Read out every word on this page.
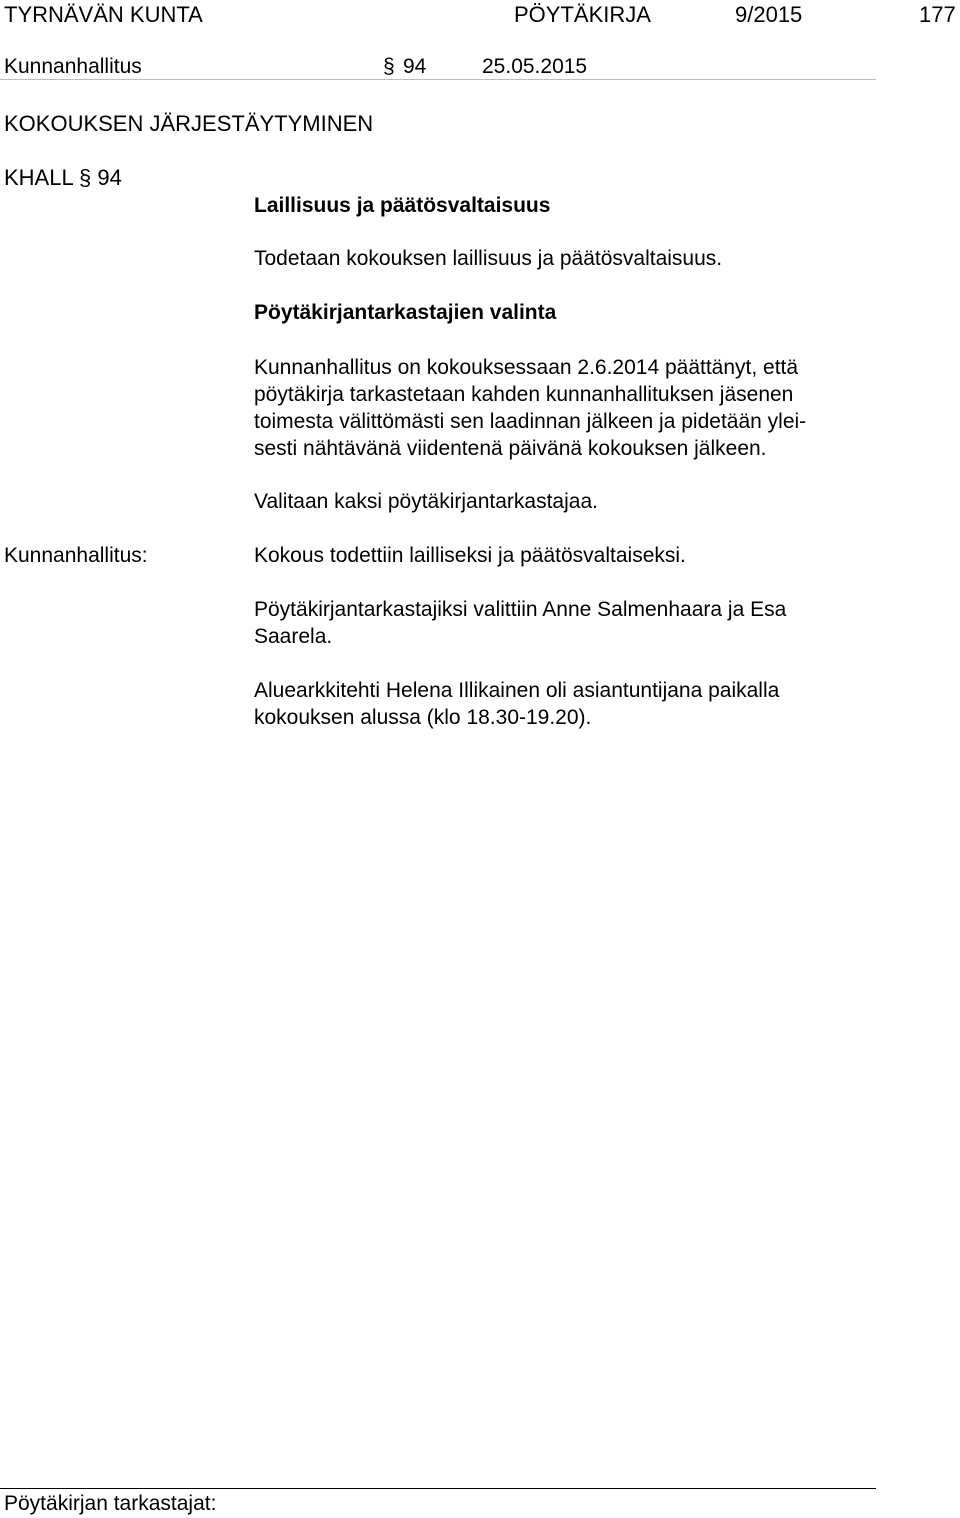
TYRNÄVÄN KUNTA	PÖYTÄKIRJA	9/2015	177
Kunnanhallitus	§ 94	25.05.2015
KOKOUKSEN JÄRJESTÄYTYMINEN
KHALL § 94
Laillisuus ja päätösvaltaisuus
Todetaan kokouksen laillisuus ja päätösvaltaisuus.
Pöytäkirjantarkastajien valinta
Kunnanhallitus on kokouksessaan 2.6.2014 päättänyt, että
pöytäkirja tarkastetaan kahden kunnanhallituksen jäsenen
toimesta välittömästi sen laadinnan jälkeen ja pidetään ylei-
sesti nähtävänä viidentenä päivänä kokouksen jälkeen.
Valitaan kaksi pöytäkirjantarkastajaa.
Kunnanhallitus:	Kokous todettiin lailliseksi ja päätösvaltaiseksi.
Pöytäkirjantarkastajiksi valittiin Anne Salmenhaara ja Esa
Saarela.
Aluearkkitehti Helena Illikainen oli asiantuntijana paikalla
kokouksen alussa (klo 18.30-19.20).
Pöytäkirjan tarkastajat:
